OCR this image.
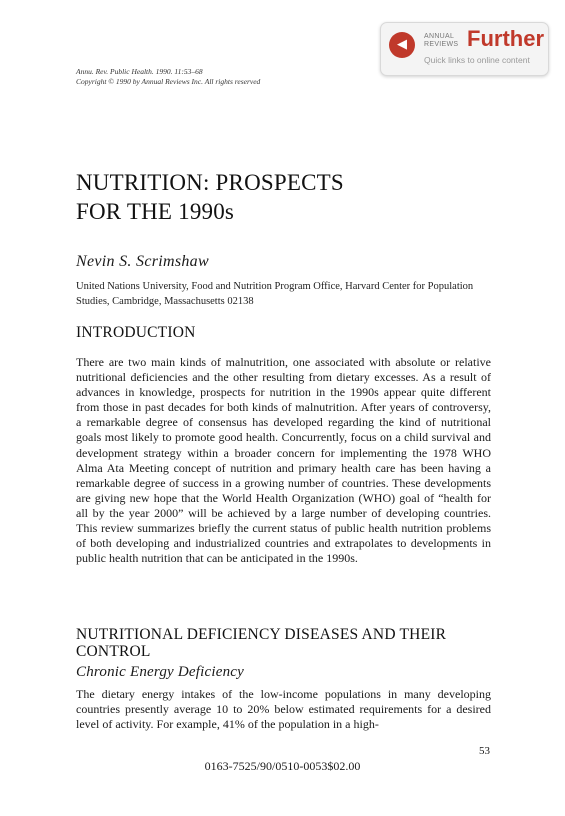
◀
ANNUAL REVIEWS Further
Quick links to online content
Annu. Rev. Public Health. 1990. 11:53–68
Copyright © 1990 by Annual Reviews Inc. All rights reserved
NUTRITION: PROSPECTS
FOR THE 1990s
Nevin S. Scrimshaw
United Nations University, Food and Nutrition Program Office, Harvard Center for Population Studies, Cambridge, Massachusetts 02138
INTRODUCTION
There are two main kinds of malnutrition, one associated with absolute or relative nutritional deficiencies and the other resulting from dietary excesses. As a result of advances in knowledge, prospects for nutrition in the 1990s appear quite different from those in past decades for both kinds of malnutrition. After years of controversy, a remarkable degree of consensus has developed regarding the kind of nutritional goals most likely to promote good health. Concurrently, focus on a child survival and development strategy within a broader concern for implementing the 1978 WHO Alma Ata Meeting concept of nutrition and primary health care has been having a remarkable degree of success in a growing number of countries. These developments are giving new hope that the World Health Organization (WHO) goal of “health for all by the year 2000” will be achieved by a large number of developing countries. This review summarizes briefly the current status of public health nutrition problems of both developing and industrialized countries and extrapolates to developments in public health nutrition that can be anticipated in the 1990s.
NUTRITIONAL DEFICIENCY DISEASES AND THEIR CONTROL
Chronic Energy Deficiency
The dietary energy intakes of the low-income populations in many developing countries presently average 10 to 20% below estimated requirements for a desired level of activity. For example, 41% of the population in a high-
53
0163-7525/90/0510-0053$02.00
